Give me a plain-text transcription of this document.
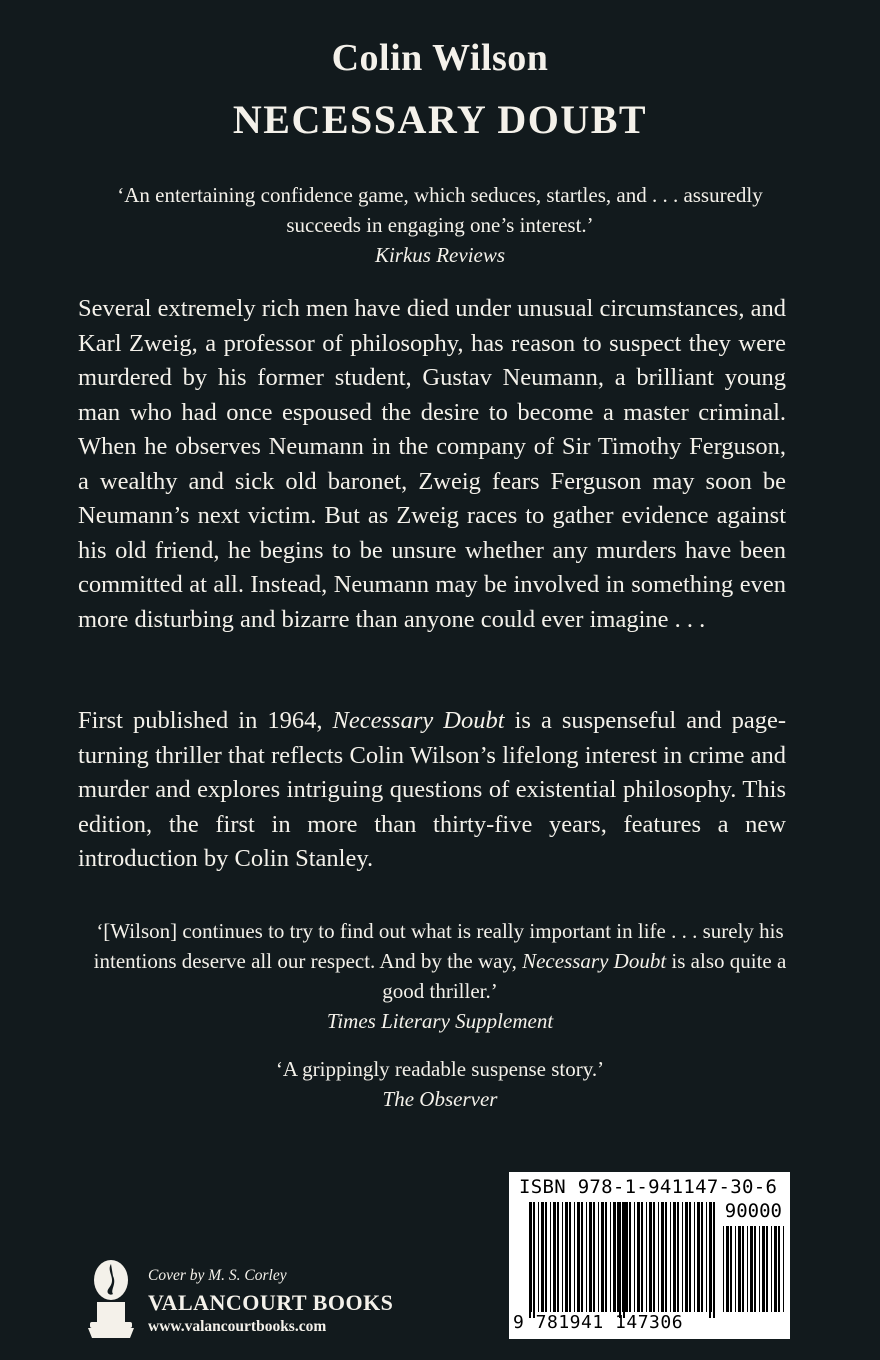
Colin Wilson
NECESSARY DOUBT
‘An entertaining confidence game, which seduces, startles, and . . . assuredly succeeds in engaging one’s interest.’
Kirkus Reviews

Several extremely rich men have died under unusual circumstances, and Karl Zweig, a professor of philosophy, has reason to suspect they were murdered by his former student, Gustav Neumann, a brilliant young man who had once espoused the desire to become a master criminal. When he observes Neumann in the company of Sir Timothy Ferguson, a wealthy and sick old baronet, Zweig fears Ferguson may soon be Neumann’s next victim. But as Zweig races to gather evidence against his old friend, he begins to be unsure whether any murders have been committed at all. Instead, Neumann may be involved in something even more disturbing and bizarre than anyone could ever imagine . . .

First published in 1964, Necessary Doubt is a suspenseful and page-turning thriller that reflects Colin Wilson’s lifelong interest in crime and murder and explores intriguing questions of existential philosophy. This edition, the first in more than thirty-five years, features a new introduction by Colin Stanley.

‘[Wilson] continues to try to find out what is really important in life . . . surely his intentions deserve all our respect. And by the way, Necessary Doubt is also quite a good thriller.’
Times Literary Supplement
‘A grippingly readable suspense story.’
The Observer
Cover by M. S. Corley
VALANCOURT BOOKS
www.valancourtbooks.com
ISBN 978-1-941147-30-6
90000
9 781941 147306
